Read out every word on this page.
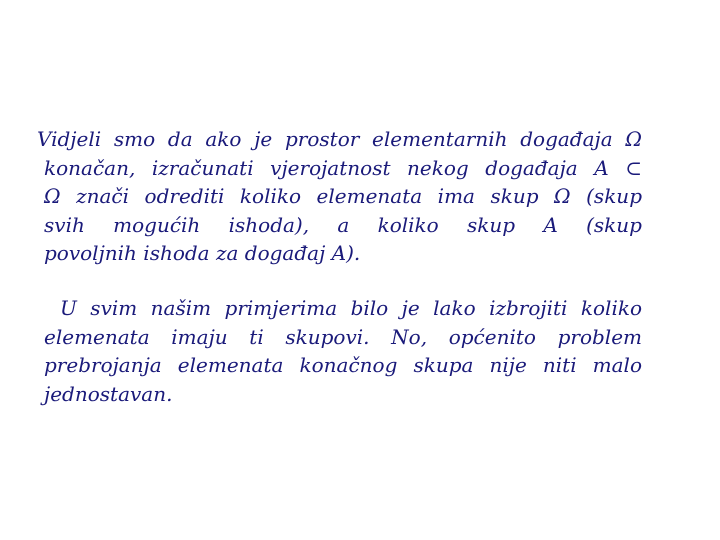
Vidjeli smo da ako je prostor elementarnih događaja Ω
konačan, izračunati vjerojatnost nekog događaja A ⊂
Ω znači odrediti koliko elemenata ima skup Ω (skup
svih mogućih ishoda), a koliko skup A (skup
povoljnih ishoda za događaj A).
U svim našim primjerima bilo je lako izbrojiti koliko
elemenata imaju ti skupovi. No, općenito problem
prebrojanja elemenata konačnog skupa nije niti malo
jednostavan.
